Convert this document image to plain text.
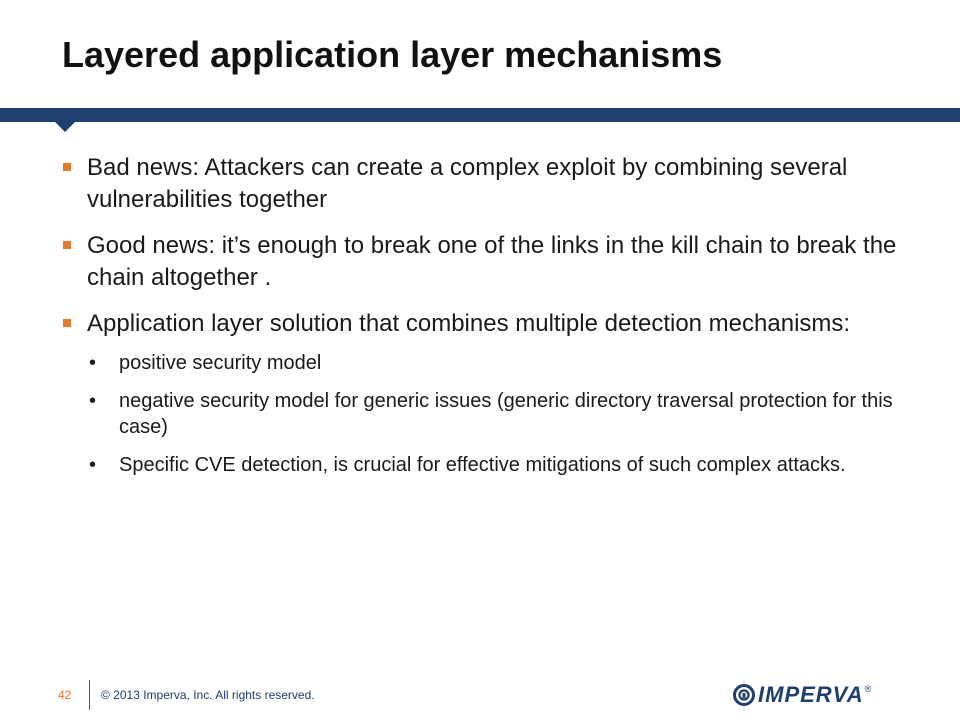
Layered application layer mechanisms
Bad news: Attackers can create a complex exploit by combining several vulnerabilities together
Good news: it’s enough to break one of the links in the kill chain to break the chain altogether .
Application layer solution that combines multiple detection mechanisms:
• positive security model
• negative security model for generic issues (generic directory traversal protection for this case)
• Specific CVE detection, is crucial for effective mitigations of such complex attacks.
42 © 2013 Imperva, Inc. All rights reserved.	IMPERVA ®
